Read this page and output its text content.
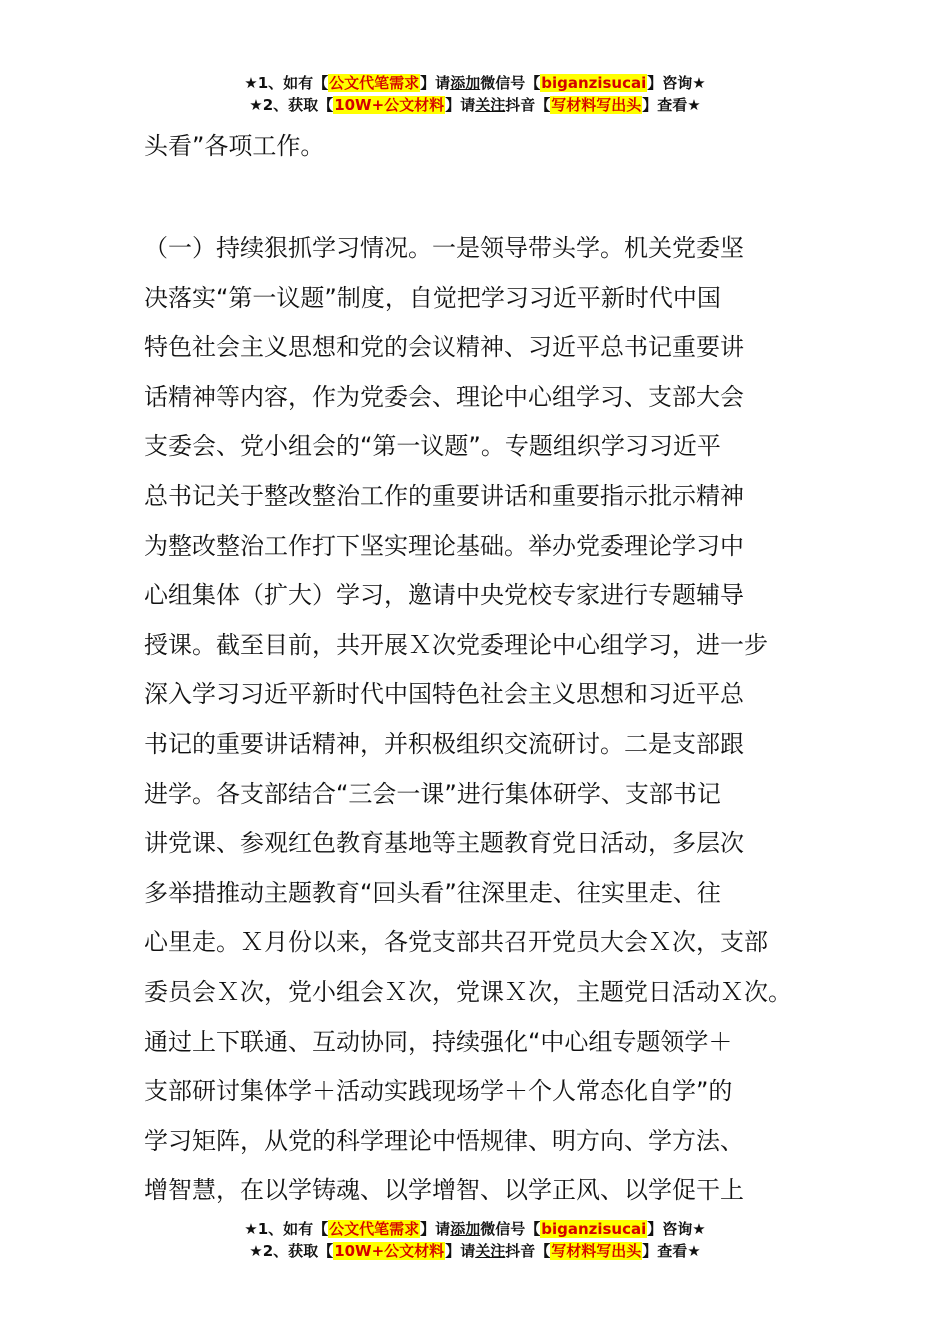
★1、如有【公文代笔需求】请添加微信号【biganzisucai】咨询★
★2、获取【10W+公文材料】请关注抖音【写材料写出头】查看★
头看”各项工作。
（一）持续狠抓学习情况。一是领导带头学。机关党委坚
决落实“第一议题”制度，自觉把学习习近平新时代中国
特色社会主义思想和党的会议精神、习近平总书记重要讲
话精神等内容，作为党委会、理论中心组学习、支部大会
支委会、党小组会的“第一议题”。专题组织学习习近平
总书记关于整改整治工作的重要讲话和重要指示批示精神
为整改整治工作打下坚实理论基础。举办党委理论学习中
心组集体（扩大）学习，邀请中央党校专家进行专题辅导
授课。截至目前，共开展Ｘ次党委理论中心组学习，进一步
深入学习习近平新时代中国特色社会主义思想和习近平总
书记的重要讲话精神，并积极组织交流研讨。二是支部跟
进学。各支部结合“三会一课”进行集体研学、支部书记
讲党课、参观红色教育基地等主题教育党日活动，多层次
多举措推动主题教育“回头看”往深里走、往实里走、往
心里走。Ｘ月份以来，各党支部共召开党员大会Ｘ次，支部
委员会Ｘ次，党小组会Ｘ次，党课Ｘ次，主题党日活动Ｘ次。
通过上下联通、互动协同，持续强化“中心组专题领学＋
支部研讨集体学＋活动实践现场学＋个人常态化自学”的
学习矩阵，从党的科学理论中悟规律、明方向、学方法、
增智慧，在以学铸魂、以学增智、以学正风、以学促干上
★1、如有【公文代笔需求】请添加微信号【biganzisucai】咨询★
★2、获取【10W+公文材料】请关注抖音【写材料写出头】查看★
